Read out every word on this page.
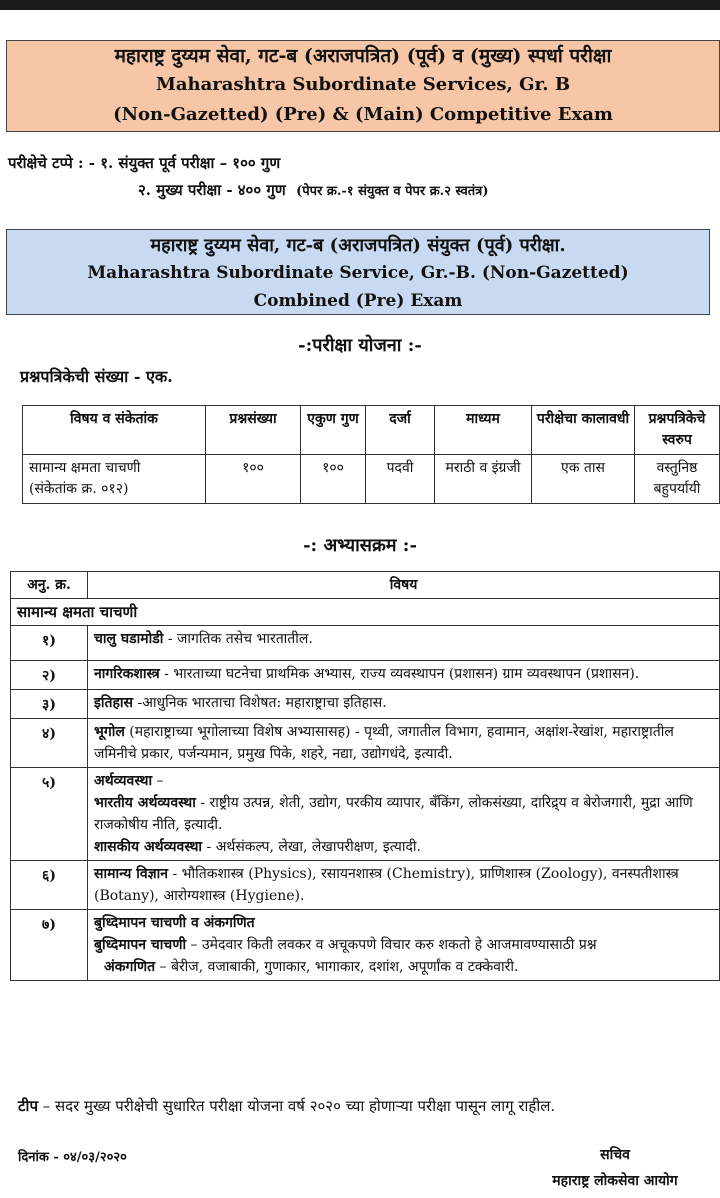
महाराष्ट्र दुय्यम सेवा, गट-ब (अराजपत्रित) (पूर्व) व (मुख्य) स्पर्धा परीक्षा
Maharashtra Subordinate Services, Gr. B
(Non-Gazetted) (Pre) & (Main) Competitive Exam
परीक्षेचे टप्पे : - १. संयुक्त पूर्व परीक्षा – १०० गुण
२. मुख्य परीक्षा - ४०० गुण (पेपर क्र.-१ संयुक्त व पेपर क्र.२ स्वतंत्र)
महाराष्ट्र दुय्यम सेवा, गट-ब (अराजपत्रित) संयुक्त (पूर्व) परीक्षा.
Maharashtra Subordinate Service, Gr.-B. (Non-Gazetted)
Combined (Pre) Exam
-:परीक्षा योजना :-
प्रश्नपत्रिकेची संख्या - एक.
विषय व संकेतांक	प्रश्नसंख्या	एकुण गुण	दर्जा	माध्यम	परीक्षेचा कालावधी	प्रश्नपत्रिकेचे स्वरुप

सामान्य क्षमता चाचणी
(संकेतांक क्र. ०१२)	१००	१००	पदवी	मराठी व इंग्रजी	एक तास	वस्तुनिष्ठ बहुपर्यायी
-: अभ्यासक्रम :-
अनु. क्र.	विषय
सामान्य क्षमता चाचणी	
१)	चालु घडामोडी - जागतिक तसेच भारतातील.

२)	नागरिकशास्त्र - भारताच्या घटनेचा प्राथमिक अभ्यास, राज्य व्यवस्थापन (प्रशासन) ग्राम व्यवस्थापन (प्रशासन).
३)	इतिहास -आधुनिक भारताचा विशेषत: महाराष्ट्राचा इतिहास.
४)	भूगोल (महाराष्ट्राच्या भूगोलाच्या विशेष अभ्यासासह) - पृथ्वी, जगातील विभाग, हवामान, अक्षांश-रेखांश, महाराष्ट्रातील जमिनीचे प्रकार, पर्जन्यमान, प्रमुख पिके, शहरे, नद्या, उद्योगधंदे, इत्यादी.
५)	अर्थव्यवस्था –
भारतीय अर्थव्यवस्था - राष्ट्रीय उत्पन्न, शेती, उद्योग, परकीय व्यापार, बँकिंग, लोकसंख्या, दारिद्र्य व बेरोजगारी, मुद्रा आणि राजकोषीय नीति, इत्यादी.
शासकीय अर्थव्यवस्था - अर्थसंकल्प, लेखा, लेखापरीक्षण, इत्यादी.

६)	सामान्य विज्ञान - भौतिकशास्त्र (Physics), रसायनशास्त्र (Chemistry), प्राणिशास्त्र (Zoology), वनस्पतीशास्त्र (Botany), आरोग्यशास्त्र (Hygiene).
७)	बुध्दिमापन चाचणी व अंकगणित
बुध्दिमापन चाचणी – उमेदवार किती लवकर व अचूकपणे विचार करु शकतो हे आजमावण्यासाठी प्रश्न
अंकगणित – बेरीज, वजाबाकी, गुणाकार, भागाकार, दशांश, अपूर्णांक व टक्केवारी.
टीप – सदर मुख्य परीक्षेची सुधारित परीक्षा योजना वर्ष २०२० च्या होणाऱ्या परीक्षा पासून लागू राहील.
दिनांक - ०४/०३/२०२०	सचिव
महाराष्ट्र लोकसेवा आयोग
